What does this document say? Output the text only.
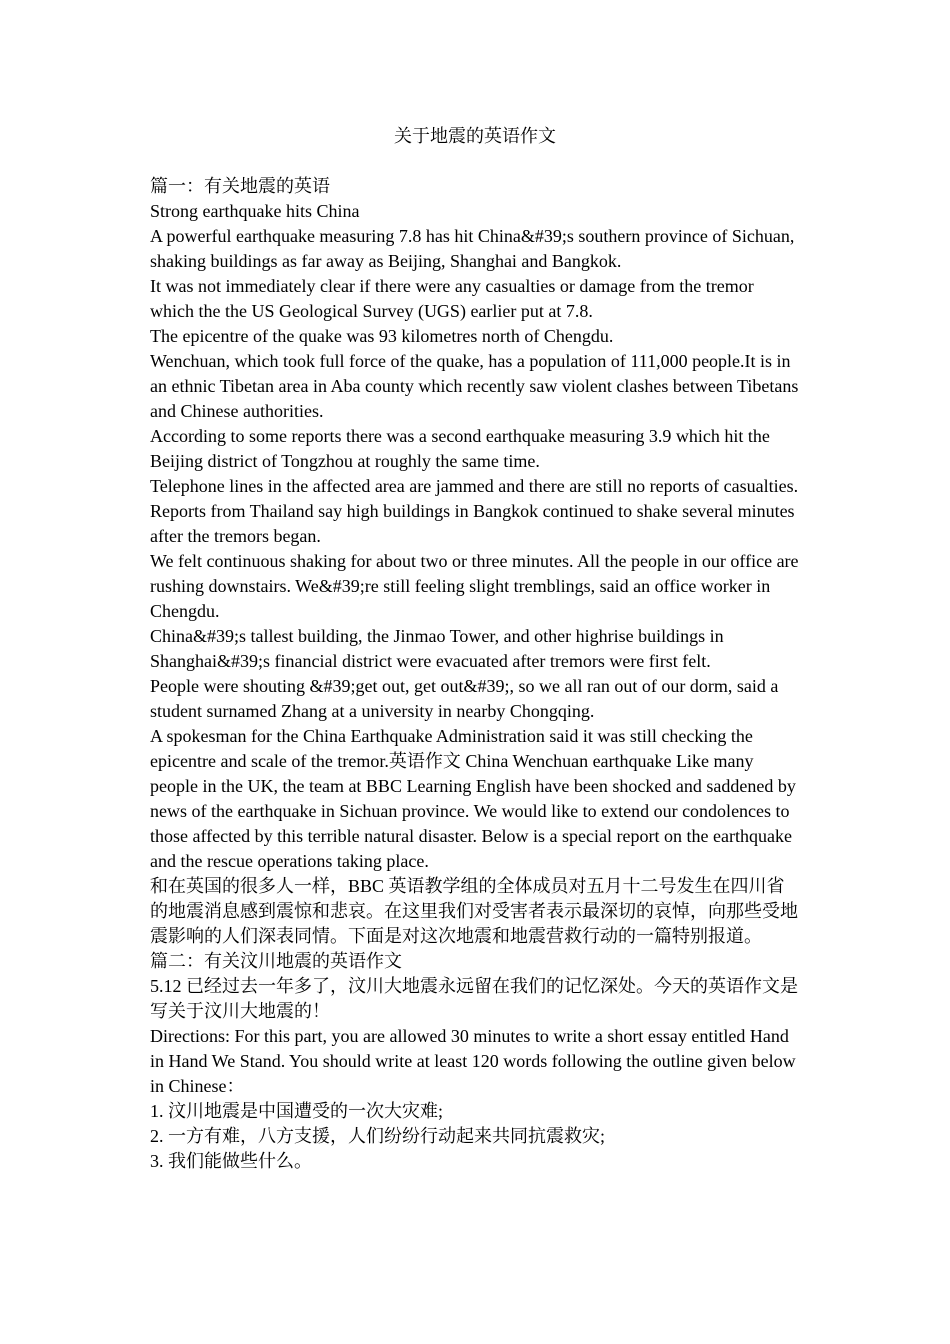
关于地震的英语作文

篇一：有关地震的英语

Strong earthquake hits China

A powerful earthquake measuring 7.8 has hit China&#39;s southern province of Sichuan, shaking buildings as far away as Beijing, Shanghai and Bangkok.

It was not immediately clear if there were any casualties or damage from the tremor which the the US Geological Survey (UGS) earlier put at 7.8.

The epicentre of the quake was 93 kilometres north of Chengdu.

Wenchuan, which took full force of the quake, has a population of 111,000 people.It is in an ethnic Tibetan area in Aba county which recently saw violent clashes between Tibetans and Chinese authorities.

According to some reports there was a second earthquake measuring 3.9 which hit the Beijing district of Tongzhou at roughly the same time.

Telephone lines in the affected area are jammed and there are still no reports of casualties.

Reports from Thailand say high buildings in Bangkok continued to shake several minutes after the tremors began.

We felt continuous shaking for about two or three minutes. All the people in our office are rushing downstairs. We&#39;re still feeling slight tremblings, said an office worker in Chengdu.

China&#39;s tallest building, the Jinmao Tower, and other highrise buildings in Shanghai&#39;s financial district were evacuated after tremors were first felt.

People were shouting &#39;get out, get out&#39;, so we all ran out of our dorm, said a student surnamed Zhang at a university in nearby Chongqing.

A spokesman for the China Earthquake Administration said it was still checking the epicentre and scale of the tremor.英语作文 China Wenchuan earthquake Like many people in the UK, the team at BBC Learning English have been shocked and saddened by news of the earthquake in Sichuan province. We would like to extend our condolences to those affected by this terrible natural disaster. Below is a special report on the earthquake and the rescue operations taking place.

和在英国的很多人一样，BBC 英语教学组的全体成员对五月十二号发生在四川省的地震消息感到震惊和悲哀。在这里我们对受害者表示最深切的哀悼，向那些受地震影响的人们深表同情。下面是对这次地震和地震营救行动的一篇特别报道。

篇二：有关汶川地震的英语作文

5.12 已经过去一年多了，汶川大地震永远留在我们的记忆深处。今天的英语作文是写关于汶川大地震的！

Directions: For this part, you are allowed 30 minutes to write a short essay entitled Hand in Hand We Stand. You should write at least 120 words following the outline given below in Chinese：

1. 汶川地震是中国遭受的一次大灾难;

2. 一方有难，八方支援，人们纷纷行动起来共同抗震救灾;

3. 我们能做些什么。
